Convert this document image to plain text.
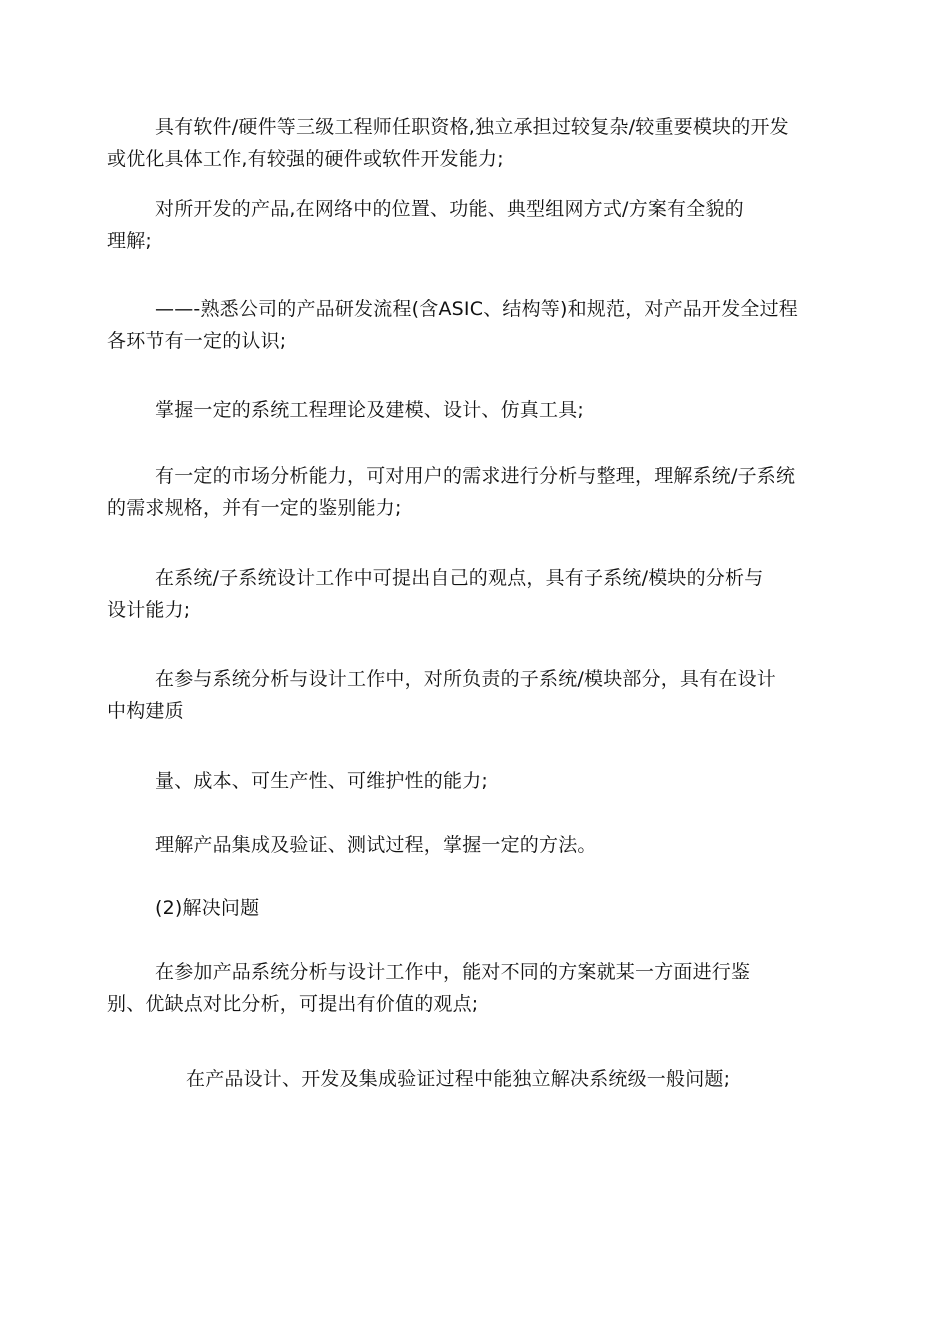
具有软件/硬件等三级工程师任职资格,独立承担过较复杂/较重要模块的开发
或优化具体工作,有较强的硬件或软件开发能力;

对所开发的产品,在网络中的位置、功能、典型组网方式/方案有全貌的
理解;

——-熟悉公司的产品研发流程(含ASIC、结构等)和规范，对产品开发全过程
各环节有一定的认识;

掌握一定的系统工程理论及建模、设计、仿真工具;

有一定的市场分析能力，可对用户的需求进行分析与整理，理解系统/子系统
的需求规格，并有一定的鉴别能力;

在系统/子系统设计工作中可提出自己的观点，具有子系统/模块的分析与
设计能力;

在参与系统分析与设计工作中，对所负责的子系统/模块部分，具有在设计
中构建质

量、成本、可生产性、可维护性的能力;

理解产品集成及验证、测试过程，掌握一定的方法。

(2)解决问题

在参加产品系统分析与设计工作中，能对不同的方案就某一方面进行鉴
别、优缺点对比分析，可提出有价值的观点;

在产品设计、开发及集成验证过程中能独立解决系统级一般问题;
